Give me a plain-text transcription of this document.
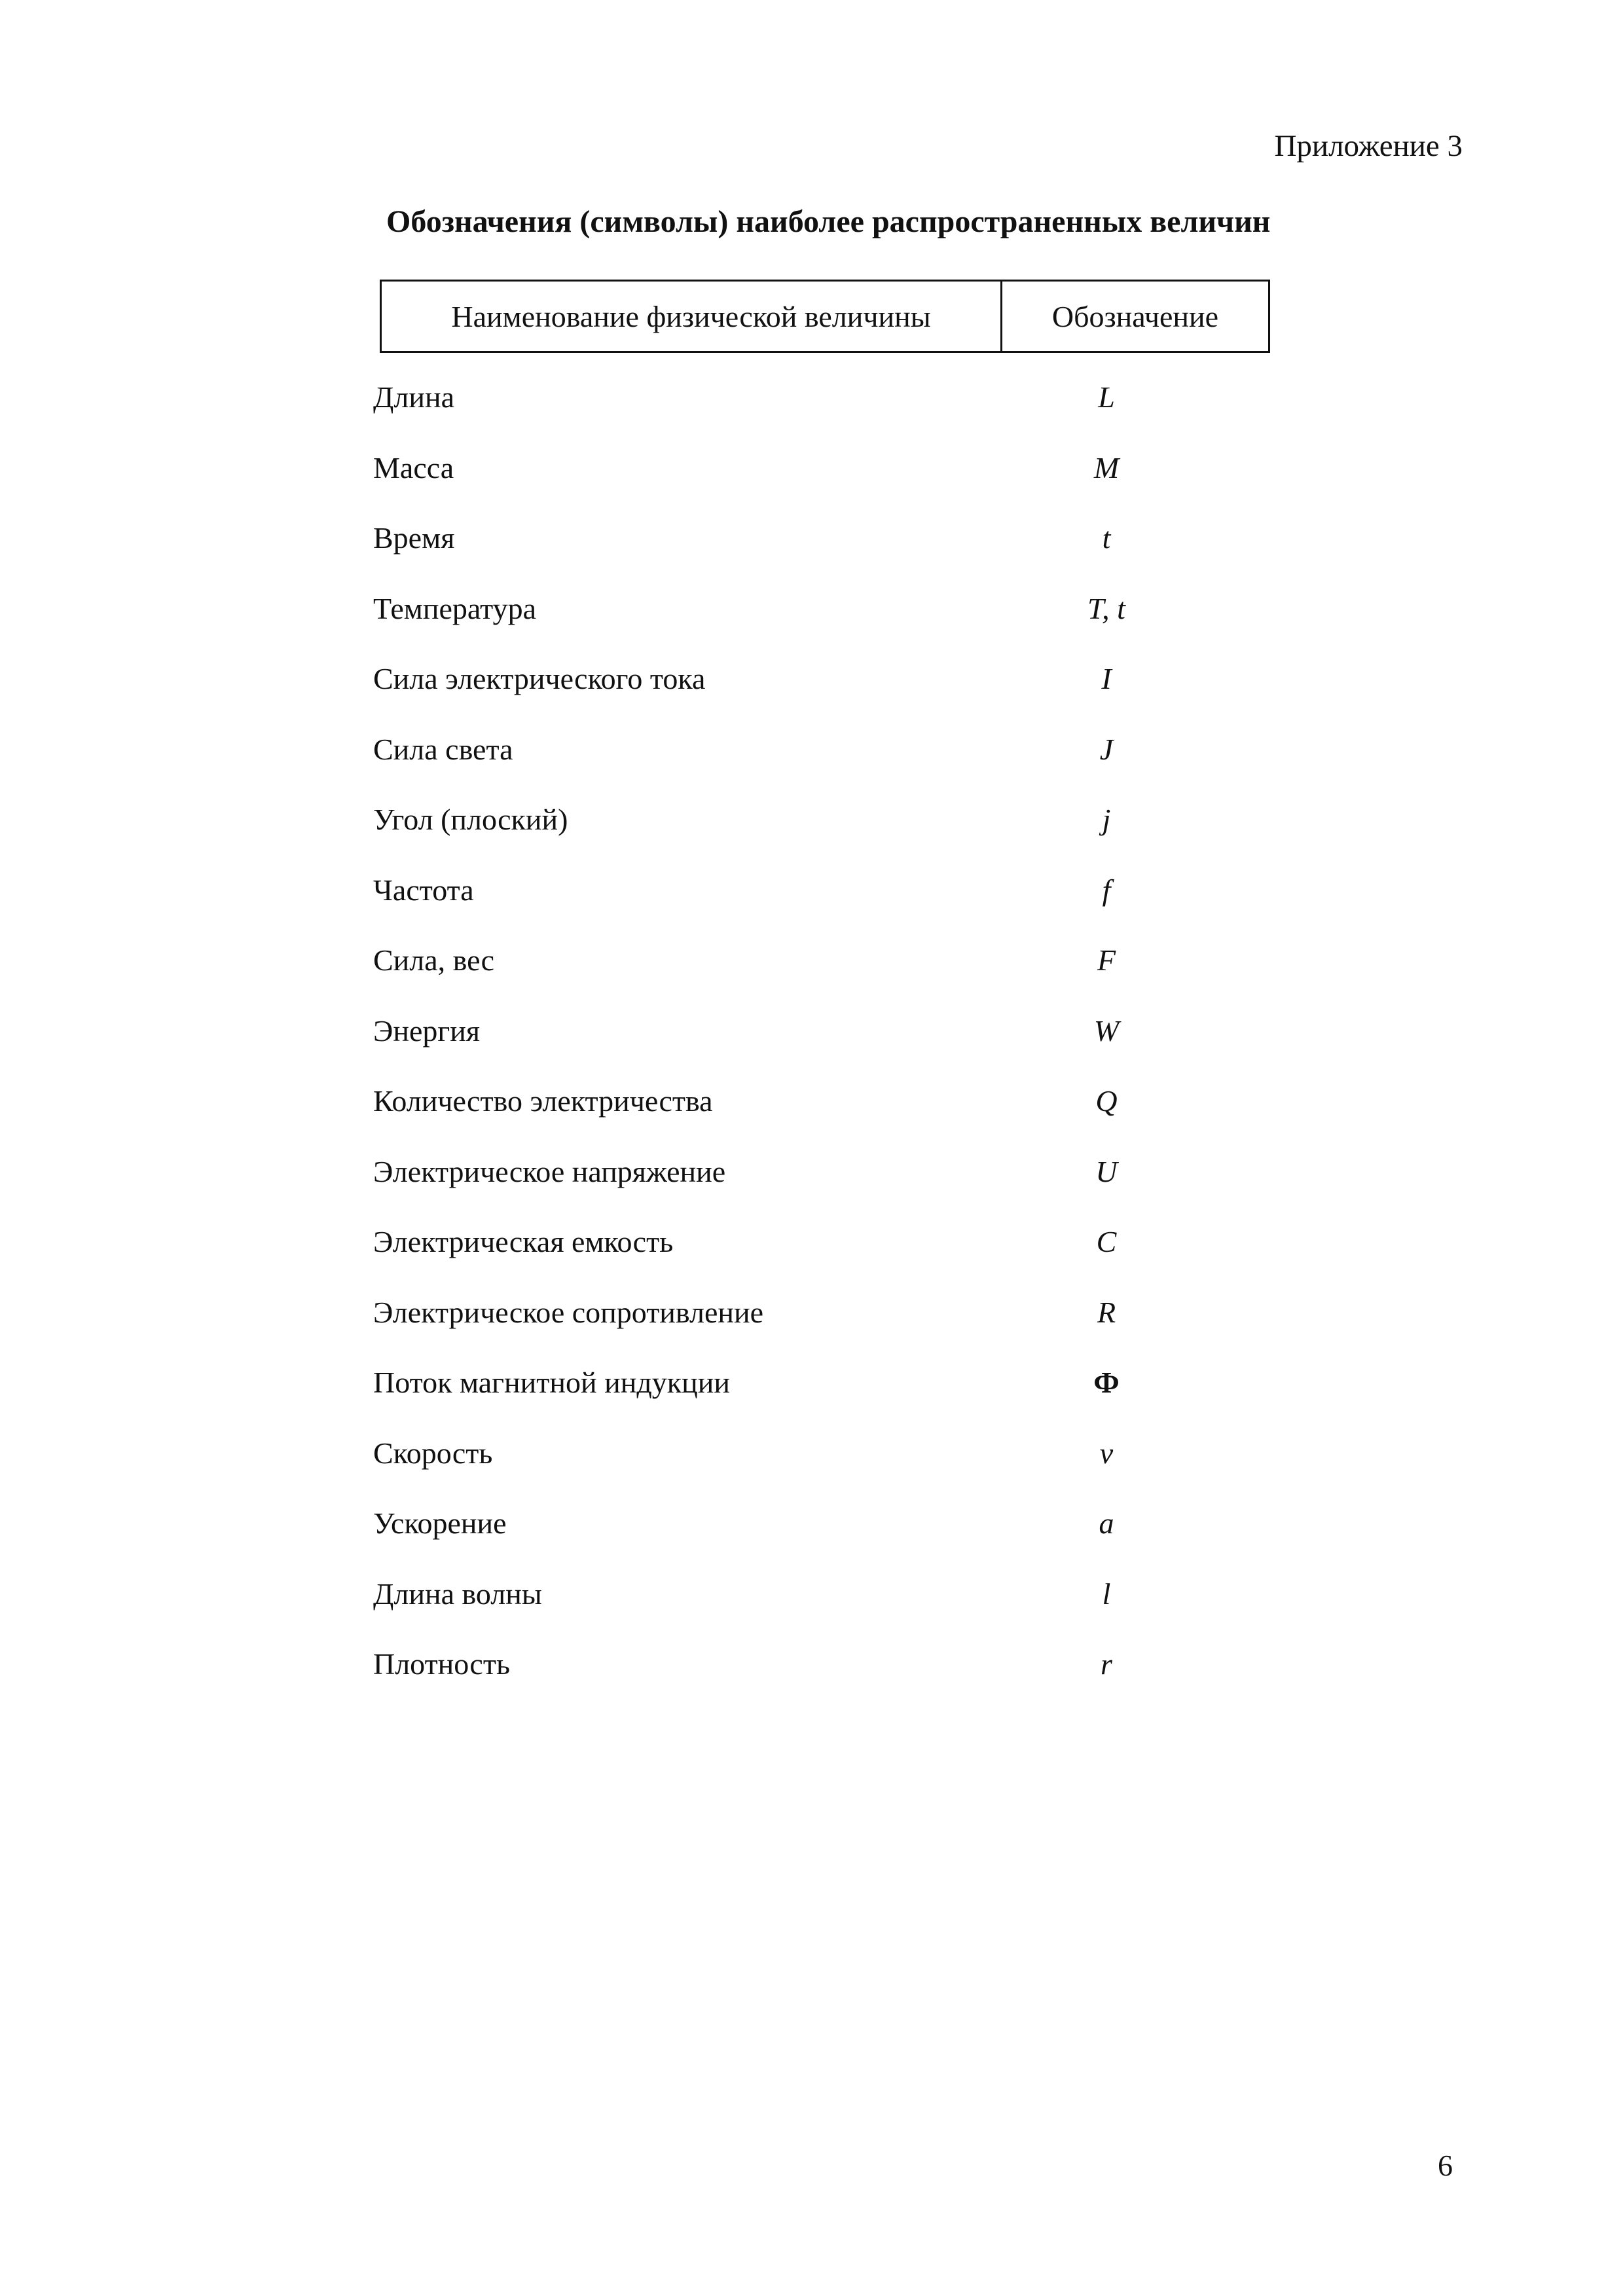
Приложение 3
Обозначения (символы) наиболее распространенных величин
Наименование физической величины	Обозначение
Длина	L
Масса	M
Время	t
Температура	T, t
Сила электрического тока	I
Сила света	J
Угол (плоский)	j
Частота	f
Сила, вес	F
Энергия	W
Количество электричества	Q
Электрическое напряжение	U
Электрическая емкость	C
Электрическое сопротивление	R
Поток магнитной индукции	Ф
Скорость	v
Ускорение	a
Длина волны	l
Плотность	r
6
